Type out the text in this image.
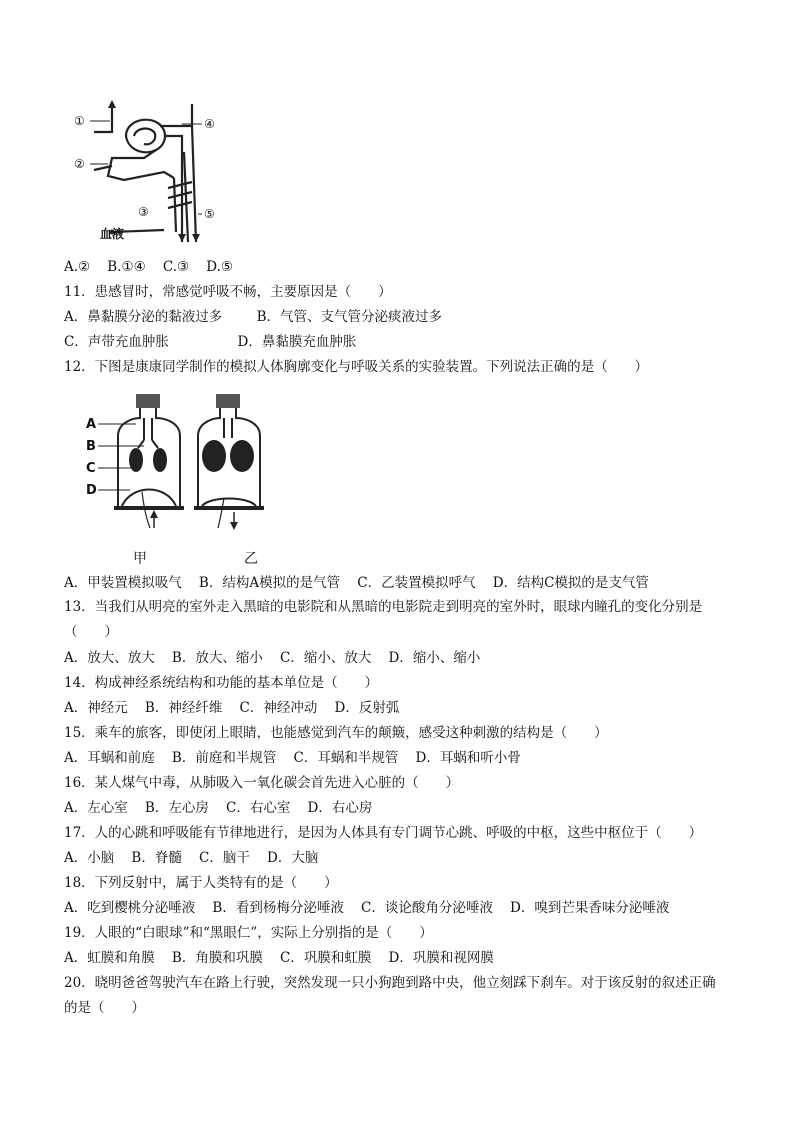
①
②
③
④
⑤
血液
A.②    B.①④    C.③    D.⑤
11．患感冒时，常感觉呼吸不畅，主要原因是（　　）
A．鼻黏膜分泌的黏液过多        B．气管、支气管分泌痰液过多
C．声带充血肿胀                D．鼻黏膜充血肿胀
12．下图是康康同学制作的模拟人体胸廓变化与呼吸关系的实验装置。下列说法正确的是（　　）
A
B
C
D
甲	乙
A．甲装置模拟吸气    B．结构A模拟的是气管    C．乙装置模拟呼气    D．结构C模拟的是支气管
13．当我们从明亮的室外走入黑暗的电影院和从黑暗的电影院走到明亮的室外时，眼球内瞳孔的变化分别是
（　　）
A．放大、放大    B．放大、缩小    C．缩小、放大    D．缩小、缩小
14．构成神经系统结构和功能的基本单位是（　　）
A．神经元    B．神经纤维    C．神经冲动    D．反射弧
15．乘车的旅客，即使闭上眼睛，也能感觉到汽车的颠簸，感受这种刺激的结构是（　　）
A．耳蜗和前庭    B．前庭和半规管    C．耳蜗和半规管    D．耳蜗和听小骨
16．某人煤气中毒，从肺吸入一氧化碳会首先进入心脏的（　　）
A．左心室    B．左心房    C．右心室    D．右心房
17．人的心跳和呼吸能有节律地进行，是因为人体具有专门调节心跳、呼吸的中枢，这些中枢位于（　　）
A．小脑    B．脊髓    C．脑干    D．大脑
18．下列反射中，属于人类特有的是（　　）
A．吃到樱桃分泌唾液    B．看到杨梅分泌唾液    C．谈论酸角分泌唾液    D．嗅到芒果香味分泌唾液
19．人眼的“白眼球”和“黑眼仁”，实际上分别指的是（　　）
A．虹膜和角膜    B．角膜和巩膜    C．巩膜和虹膜    D．巩膜和视网膜
20．晓明爸爸驾驶汽车在路上行驶，突然发现一只小狗跑到路中央，他立刻踩下刹车。对于该反射的叙述正确
的是（　　）
